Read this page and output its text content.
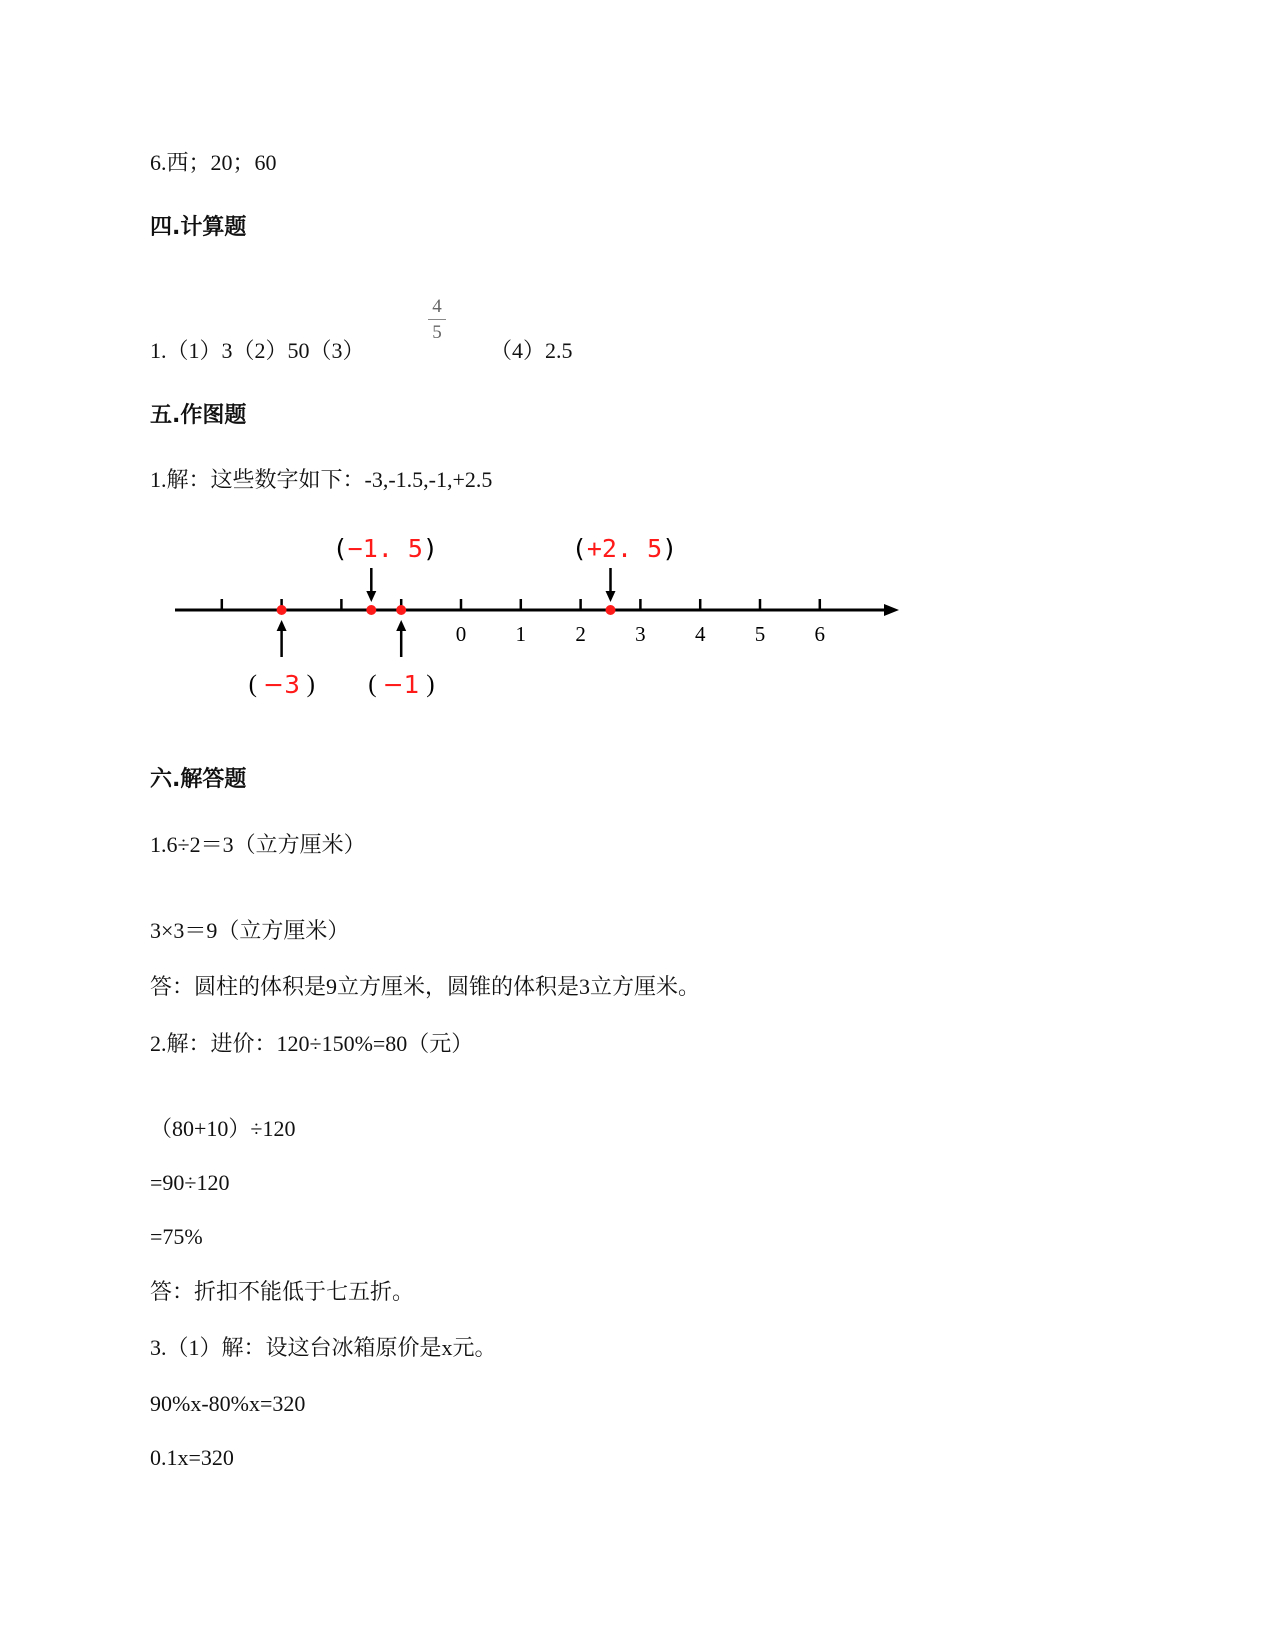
6.西；20；60
四.计算题
1.（1）3（2）50（3）
4
5
（4）2.5
五.作图题
1.解：这些数字如下：-3,-1.5,-1,+2.5
0 1 2 3 4 5 6
( −3 )
(−1. 5)
( −1 )
(+2. 5)
六.解答题
1.6÷2＝3（立方厘米）
3×3＝9（立方厘米）
答：圆柱的体积是9立方厘米，圆锥的体积是3立方厘米。
2.解：进价：120÷150%=80（元）
（80+10）÷120
=90÷120
=75%
答：折扣不能低于七五折。
3.（1）解：设这台冰箱原价是x元。
90%x-80%x=320
0.1x=320
